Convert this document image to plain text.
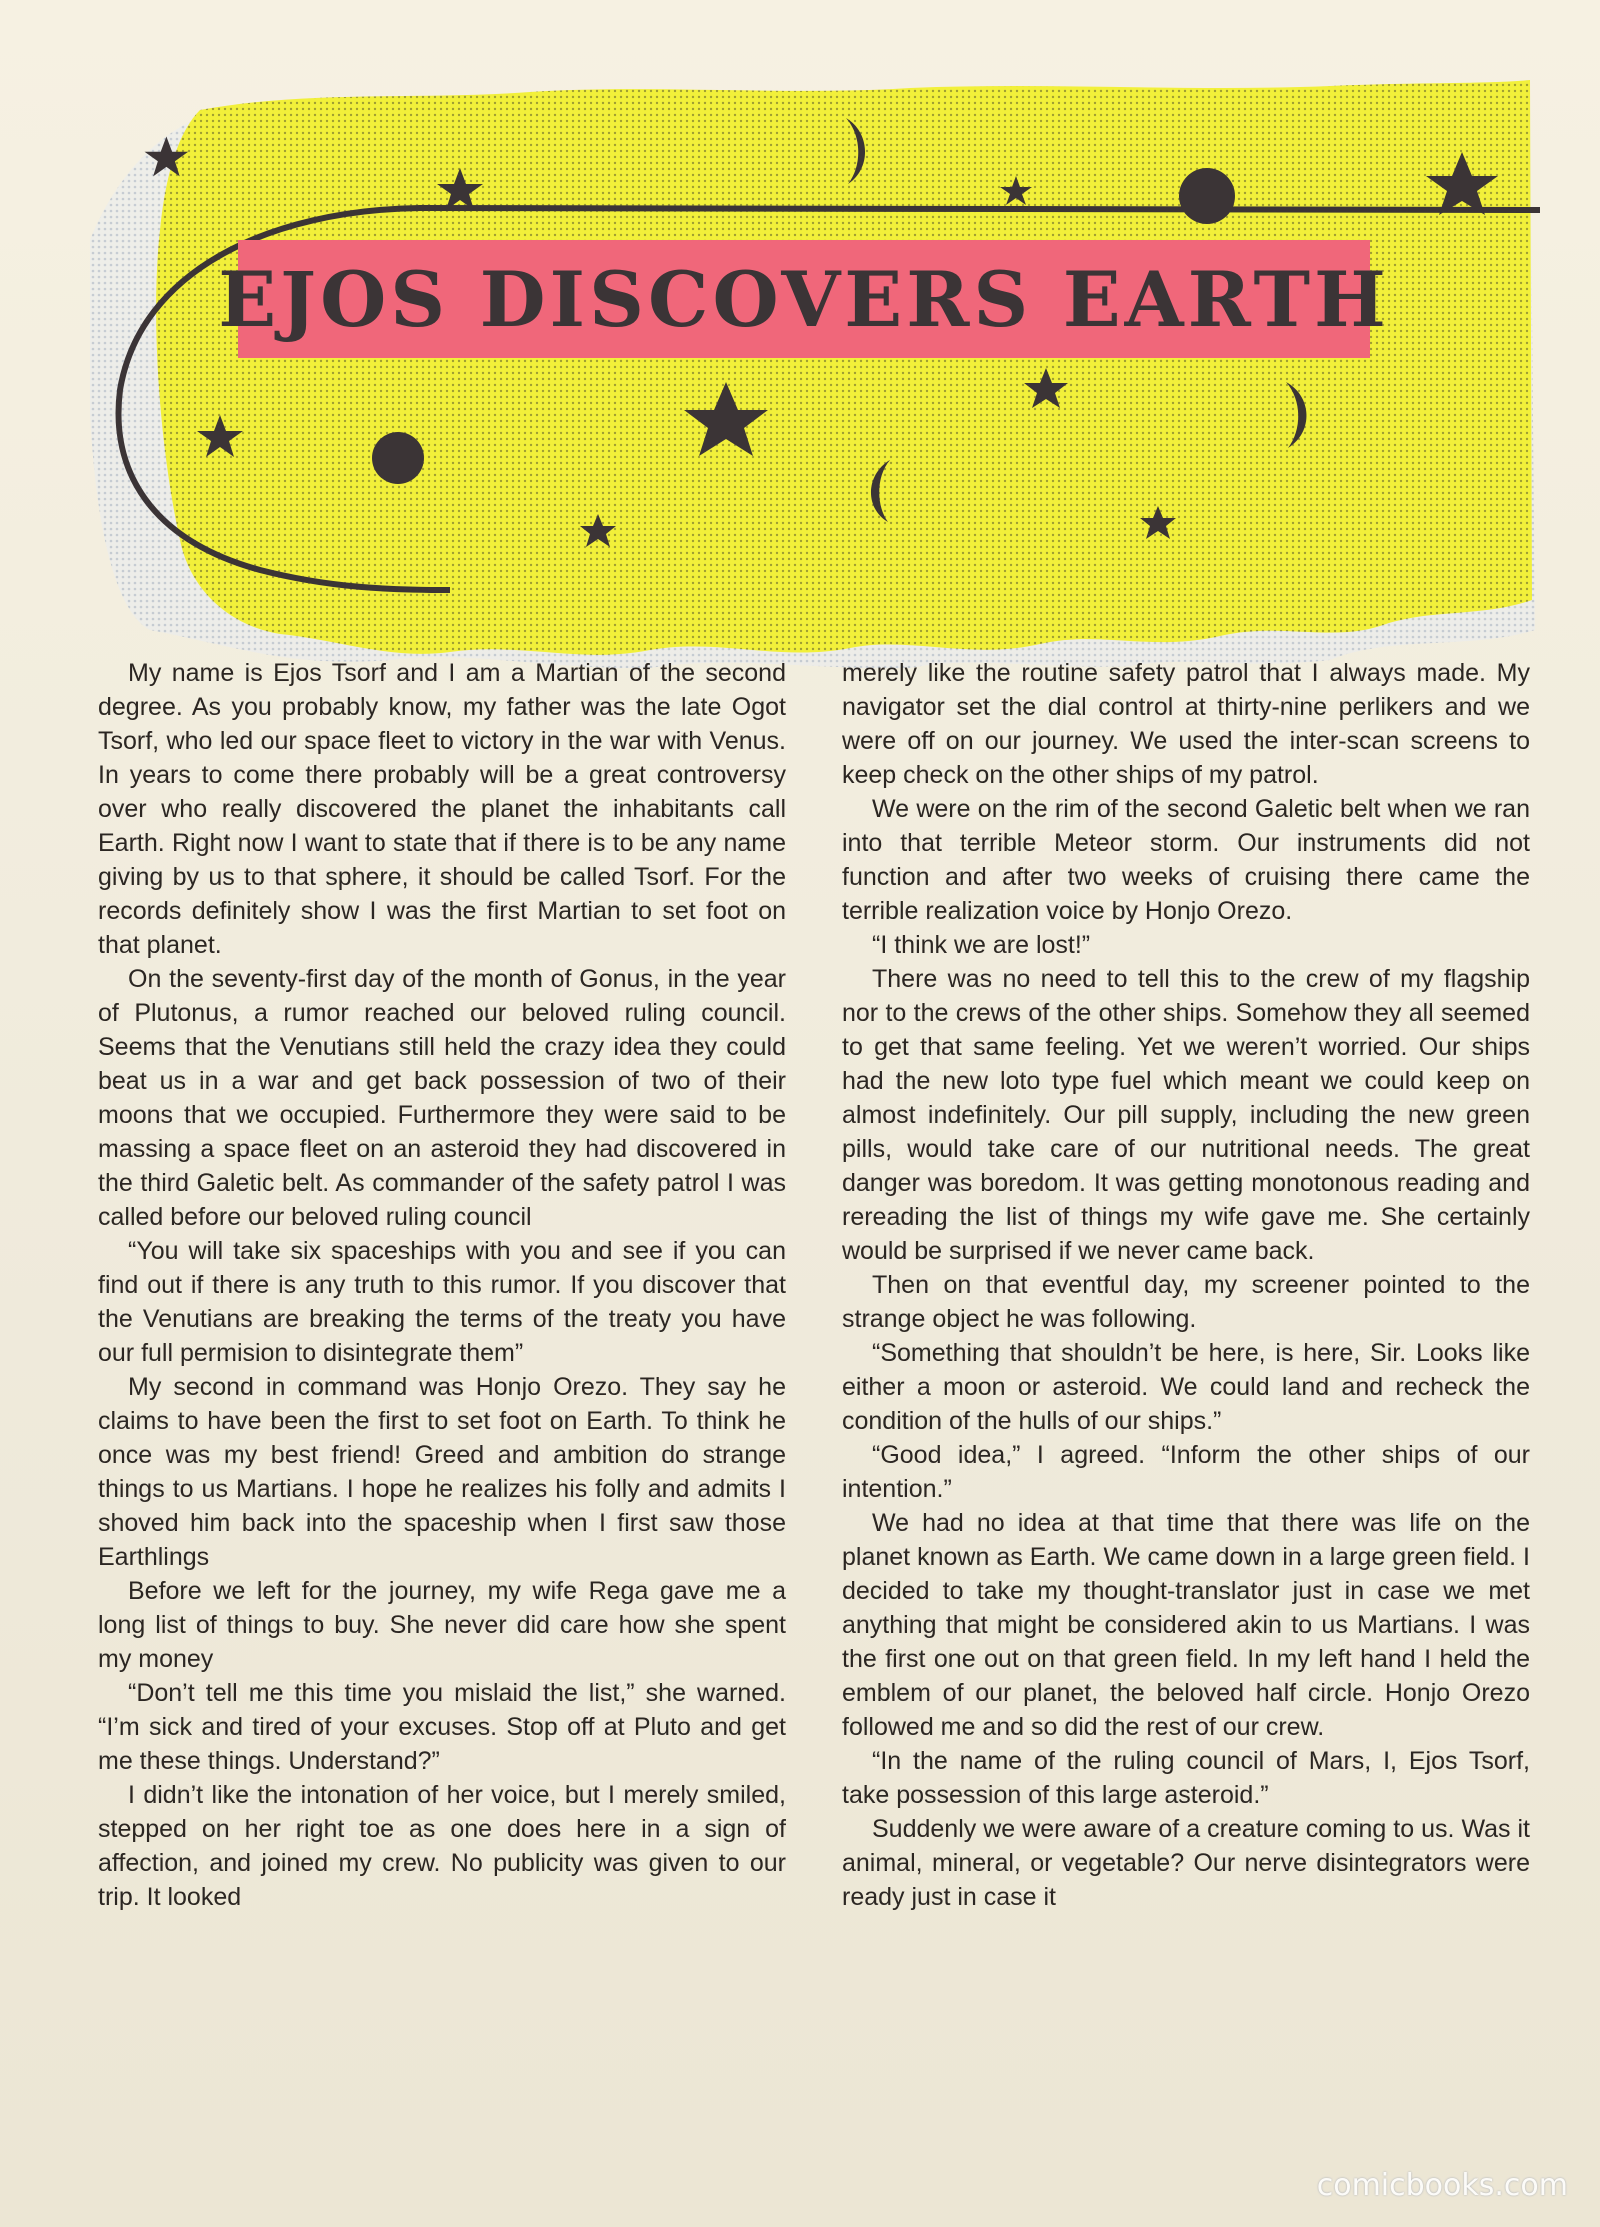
EJOS DISCOVERS EARTH

My name is Ejos Tsorf and I am a Martian of the second degree. As you probably know, my father was the late Ogot Tsorf, who led our space fleet to victory in the war with Venus. In years to come there probably will be a great controversy over who really discovered the planet the inhabitants call Earth. Right now I want to state that if there is to be any name giving by us to that sphere, it should be called Tsorf. For the records definitely show I was the first Martian to set foot on that planet.

On the seventy-first day of the month of Gonus, in the year of Plutonus, a rumor reached our beloved ruling council. Seems that the Venutians still held the crazy idea they could beat us in a war and get back possession of two of their moons that we occupied. Furthermore they were said to be massing a space fleet on an asteroid they had discovered in the third Galetic belt. As commander of the safety patrol I was called before our beloved ruling council

“You will take six spaceships with you and see if you can find out if there is any truth to this rumor. If you discover that the Venutians are breaking the terms of the treaty you have our full permision to disintegrate them”

My second in command was Honjo Orezo. They say he claims to have been the first to set foot on Earth. To think he once was my best friend! Greed and ambition do strange things to us Martians. I hope he realizes his folly and admits I shoved him back into the spaceship when I first saw those Earthlings

Before we left for the journey, my wife Rega gave me a long list of things to buy. She never did care how she spent my money

“Don’t tell me this time you mislaid the list,” she warned. “I’m sick and tired of your excuses. Stop off at Pluto and get me these things. Understand?”

I didn’t like the intonation of her voice, but I merely smiled, stepped on her right toe as one does here in a sign of affection, and joined my crew. No publicity was given to our trip. It looked

merely like the routine safety patrol that I always made. My navigator set the dial control at thirty-nine perlikers and we were off on our journey. We used the inter-scan screens to keep check on the other ships of my patrol.

We were on the rim of the second Galetic belt when we ran into that terrible Meteor storm. Our instruments did not function and after two weeks of cruising there came the terrible realization voice by Honjo Orezo.

“I think we are lost!”

There was no need to tell this to the crew of my flagship nor to the crews of the other ships. Somehow they all seemed to get that same feeling. Yet we weren’t worried. Our ships had the new loto type fuel which meant we could keep on almost indefinitely. Our pill supply, including the new green pills, would take care of our nutritional needs. The great danger was boredom. It was getting monotonous reading and rereading the list of things my wife gave me. She certainly would be surprised if we never came back.

Then on that eventful day, my screener pointed to the strange object he was following.

“Something that shouldn’t be here, is here, Sir. Looks like either a moon or asteroid. We could land and recheck the condition of the hulls of our ships.”

“Good idea,” I agreed. “Inform the other ships of our intention.”

We had no idea at that time that there was life on the planet known as Earth. We came down in a large green field. I decided to take my thought-translator just in case we met anything that might be considered akin to us Martians. I was the first one out on that green field. In my left hand I held the emblem of our planet, the beloved half circle. Honjo Orezo followed me and so did the rest of our crew.

“In the name of the ruling council of Mars, I, Ejos Tsorf, take possession of this large asteroid.”

Suddenly we were aware of a creature coming to us. Was it animal, mineral, or vegetable? Our nerve disintegrators were ready just in case it

comicbooks.com
